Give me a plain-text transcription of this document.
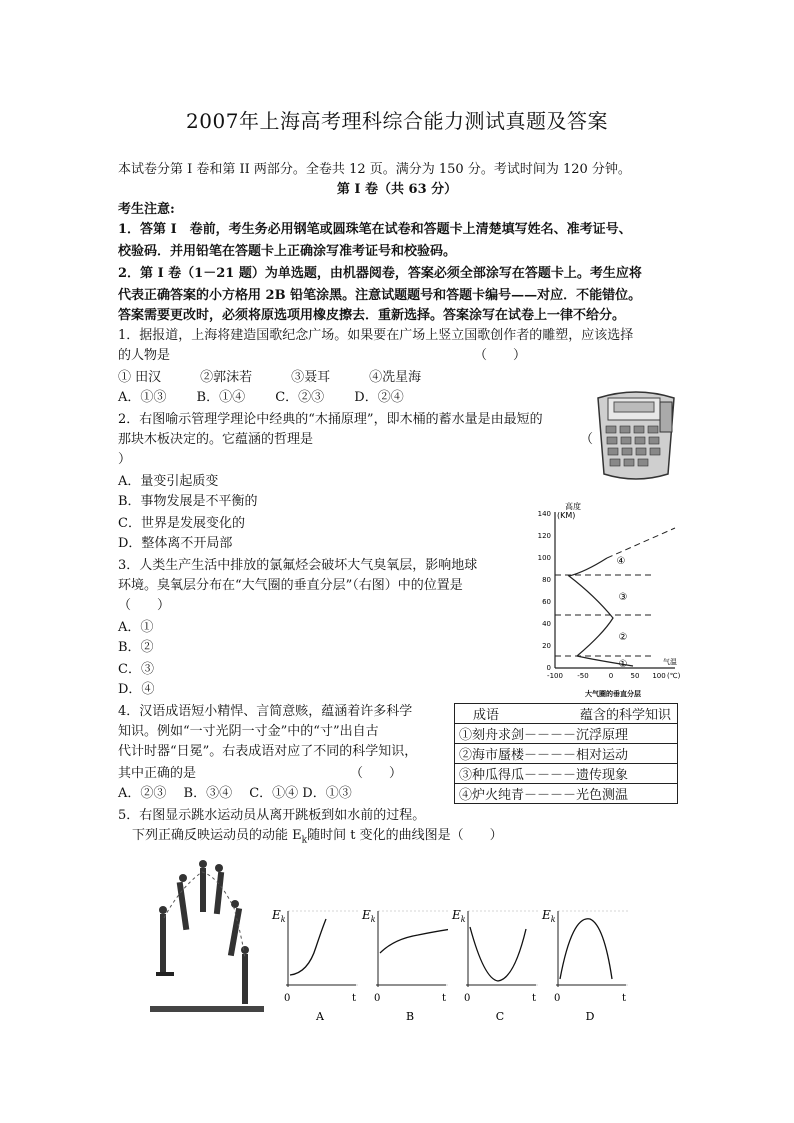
2007年上海高考理科综合能力测试真题及答案
本试卷分第 I 卷和第 II 两部分。全卷共 12 页。满分为 150 分。考试时间为 120 分钟。
第 I 卷（共 63 分）
考生注意:
1．答第 I　卷前，考生务必用钢笔或圆珠笔在试卷和答题卡上清楚填写姓名、准考证号、
校验码．并用铅笔在答题卡上正确涂写准考证号和校验码。
2．第 I 卷（1－21 题）为单选题，由机器阅卷，答案必须全部涂写在答题卡上。考生应将
代表正确答案的小方格用 2B 铅笔涂黑。注意试题题号和答题卡编号——对应．不能错位。
答案需要更改时，必须将原选项用橡皮擦去．重新选择。答案涂写在试卷上一律不给分。
1．据报道，上海将建造国歌纪念广场。如果要在广场上竖立国歌创作者的雕塑，应该选择
的人物是	（　　）
① 田汉　　　②郭沫若　　　③聂耳　　　④冼星海
A．①③　　 B．①④　　 C．②③　　 D．②④
2．右图喻示管理学理论中经典的“木捅原理”，即木桶的蓄水量是由最短的
那块木板决定的。它蕴涵的哲理是	（
）
A．量变引起质变
B．事物发展是不平衡的
C．世界是发展变化的
D．整体离不开局部
3．人类生产生活中排放的氯氟烃会破坏大气臭氧层，影响地球
环境。臭氧层分布在“大气圈的垂直分层”（右图）中的位置是
（　　）
A．①
B．②
C．③
D．④
高度
(KM)
140
120
100
80
60
40
20
0
-100 -50	0 50 100 (℃)
气温
①
②
③
④
大气圈的垂直分层
4．汉语成语短小精悍、言简意赅，蕴涵着许多科学
知识。例如“一寸光阴一寸金”中的“寸”出自古
代计时器“日冕”。右表成语对应了不同的科学知识，
其中正确的是	（　　）
A．②③　 B．③④　 C．①④ D．①③
成语	蕴含的科学知识
①刻舟求剑－－－－沉浮原理
②海市蜃楼－－－－相对运动
③种瓜得瓜－－－－遗传现象
④炉火纯青－－－－光色测温
5．右图显示跳水运动员从离开跳板到如水前的过程。
下列正确反映运动员的动能 $E_k$随时间 t 变化的曲线图是（　　）
$E_k$
0	t
A
$E_k$
0	t
B
$E_k$
0	t
C
$E_k$
0	t
D
